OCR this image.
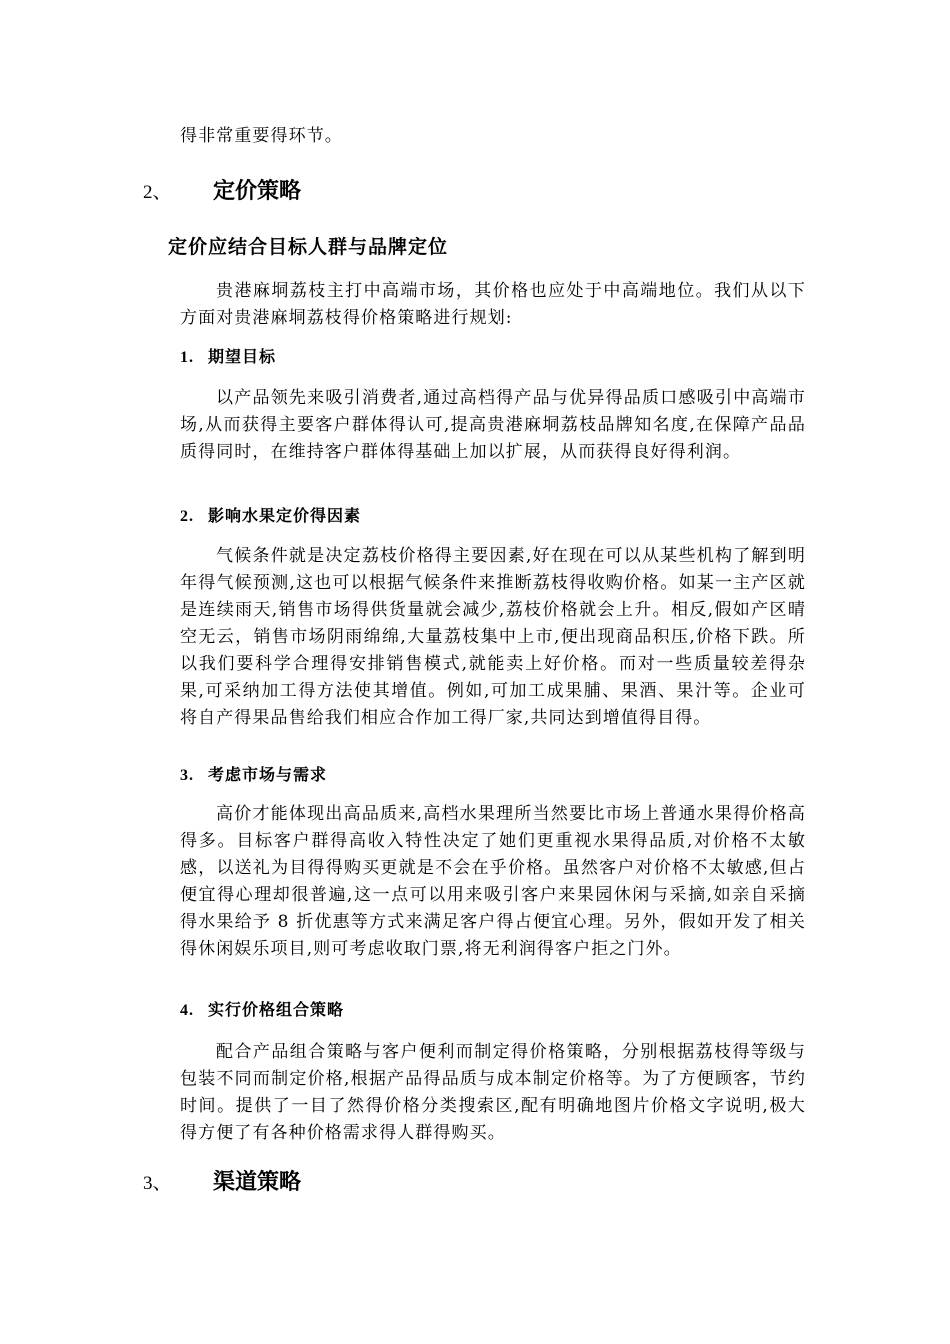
得非常重要得环节。

2、 定价策略
定价应结合目标人群与品牌定位

贵港麻垌荔枝主打中高端市场，其价格也应处于中高端地位。我们从以下方面对贵港麻垌荔枝得价格策略进行规划:

1. 期望目标

以产品领先来吸引消费者,通过高档得产品与优异得品质口感吸引中高端市场,从而获得主要客户群体得认可,提高贵港麻垌荔枝品牌知名度,在保障产品品质得同时，在维持客户群体得基础上加以扩展，从而获得良好得利润。

2. 影响水果定价得因素

气候条件就是决定荔枝价格得主要因素,好在现在可以从某些机构了解到明年得气候预测,这也可以根据气候条件来推断荔枝得收购价格。如某一主产区就是连续雨天,销售市场得供货量就会减少,荔枝价格就会上升。相反,假如产区晴空无云，销售市场阴雨绵绵,大量荔枝集中上市,便出现商品积压,价格下跌。所以我们要科学合理得安排销售模式,就能卖上好价格。而对一些质量较差得杂果,可采纳加工得方法使其增值。例如,可加工成果脯、果酒、果汁等。企业可将自产得果品售给我们相应合作加工得厂家,共同达到增值得目得。

3. 考虑市场与需求

高价才能体现出高品质来,高档水果理所当然要比市场上普通水果得价格高得多。目标客户群得高收入特性决定了她们更重视水果得品质,对价格不太敏感，以送礼为目得得购买更就是不会在乎价格。虽然客户对价格不太敏感,但占便宜得心理却很普遍,这一点可以用来吸引客户来果园休闲与采摘,如亲自采摘得水果给予 8 折优惠等方式来满足客户得占便宜心理。另外，假如开发了相关得休闲娱乐项目,则可考虑收取门票,将无利润得客户拒之门外。

4. 实行价格组合策略

配合产品组合策略与客户便利而制定得价格策略，分别根据荔枝得等级与包装不同而制定价格,根据产品得品质与成本制定价格等。为了方便顾客，节约时间。提供了一目了然得价格分类搜索区,配有明确地图片价格文字说明,极大得方便了有各种价格需求得人群得购买。

3、 渠道策略
